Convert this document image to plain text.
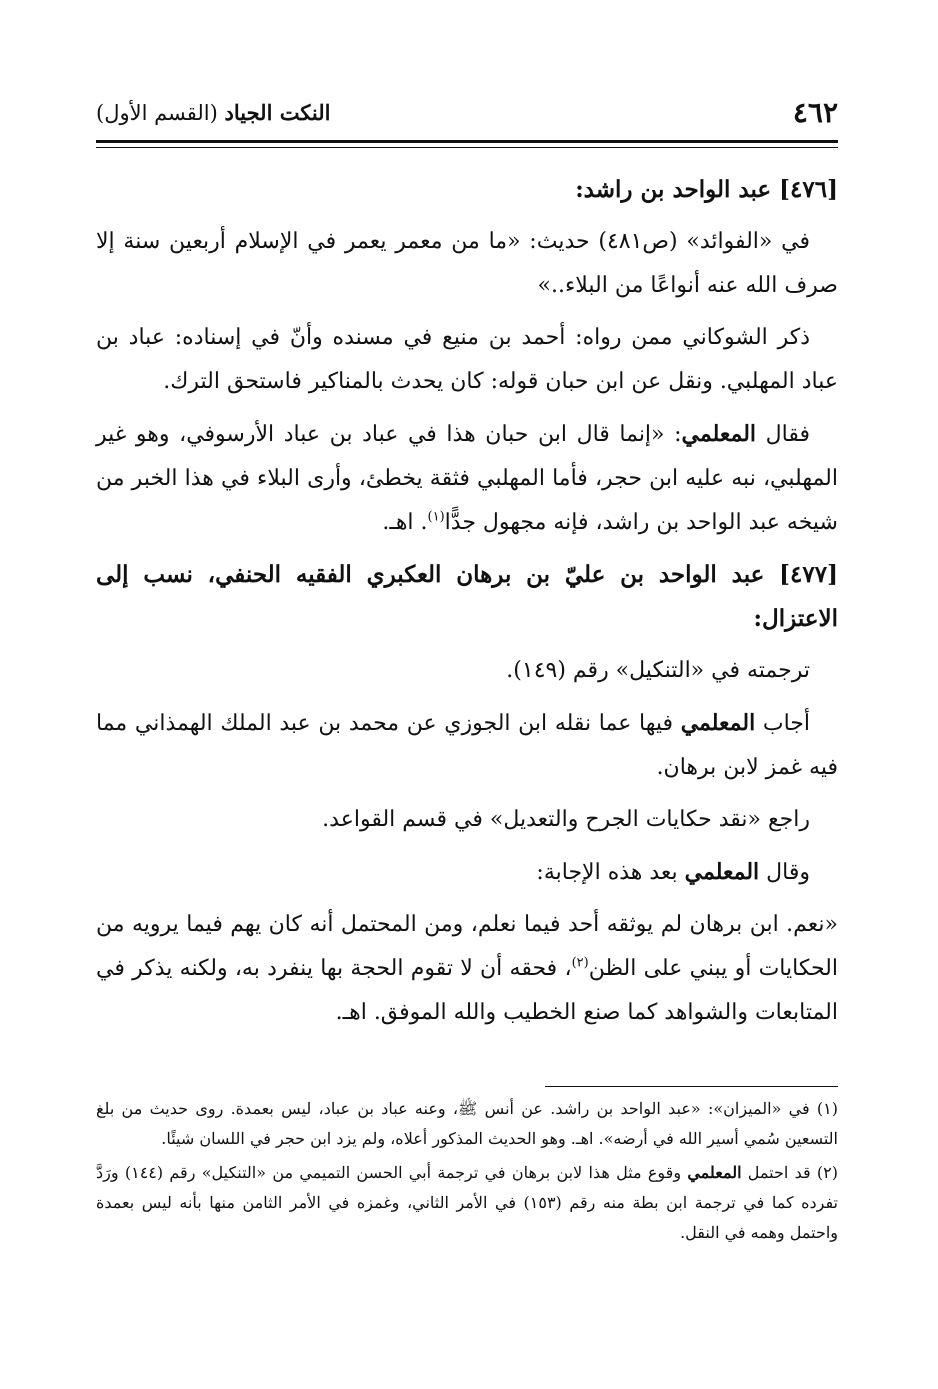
٤٦٢
النكت الجياد (القسم الأول)

[٤٧٦] عبد الواحد بن راشد:

في «الفوائد» (ص٤٨١) حديث: «ما من معمر يعمر في الإسلام أربعين سنة إلا صرف الله عنه أنواعًا من البلاء..»

ذكر الشوكاني ممن رواه: أحمد بن منيع في مسنده وأنّ في إسناده: عباد بن عباد المهلبي. ونقل عن ابن حبان قوله: كان يحدث بالمناكير فاستحق الترك.

فقال المعلمي: «إنما قال ابن حبان هذا في عباد بن عباد الأرسوفي، وهو غير المهلبي، نبه عليه ابن حجر، فأما المهلبي فثقة يخطئ، وأرى البلاء في هذا الخبر من شيخه عبد الواحد بن راشد، فإنه مجهول جدًّا$^{(١)}$. اهـ.

[٤٧٧] عبد الواحد بن عليّ بن برهان العكبري الفقيه الحنفي، نسب إلى الاعتزال:

ترجمته في «التنكيل» رقم (١٤٩).

أجاب المعلمي فيها عما نقله ابن الجوزي عن محمد بن عبد الملك الهمذاني مما فيه غمز لابن برهان.

راجع «نقد حكايات الجرح والتعديل» في قسم القواعد.

وقال المعلمي بعد هذه الإجابة:

«نعم. ابن برهان لم يوثقه أحد فيما نعلم، ومن المحتمل أنه كان يهم فيما يرويه من الحكايات أو يبني على الظن$^{(٢)}$، فحقه أن لا تقوم الحجة بها ينفرد به، ولكنه يذكر في المتابعات والشواهد كما صنع الخطيب والله الموفق. اهـ.

(١) في «الميزان»: «عبد الواحد بن راشد. عن أنس ﷺ، وعنه عباد بن عباد، ليس بعمدة. روى حديث من بلغ التسعين سُمي أسير الله في أرضه». اهـ. وهو الحديث المذكور أعلاه، ولم يزد ابن حجر في اللسان شيئًا.

(٢) قد احتمل المعلمي وقوع مثل هذا لابن برهان في ترجمة أبي الحسن التميمي من «التنكيل» رقم (١٤٤) ورَدَّ تفرده كما في ترجمة ابن بطة منه رقم (١٥٣) في الأمر الثاني، وغمزه في الأمر الثامن منها بأنه ليس بعمدة واحتمل وهمه في النقل.
